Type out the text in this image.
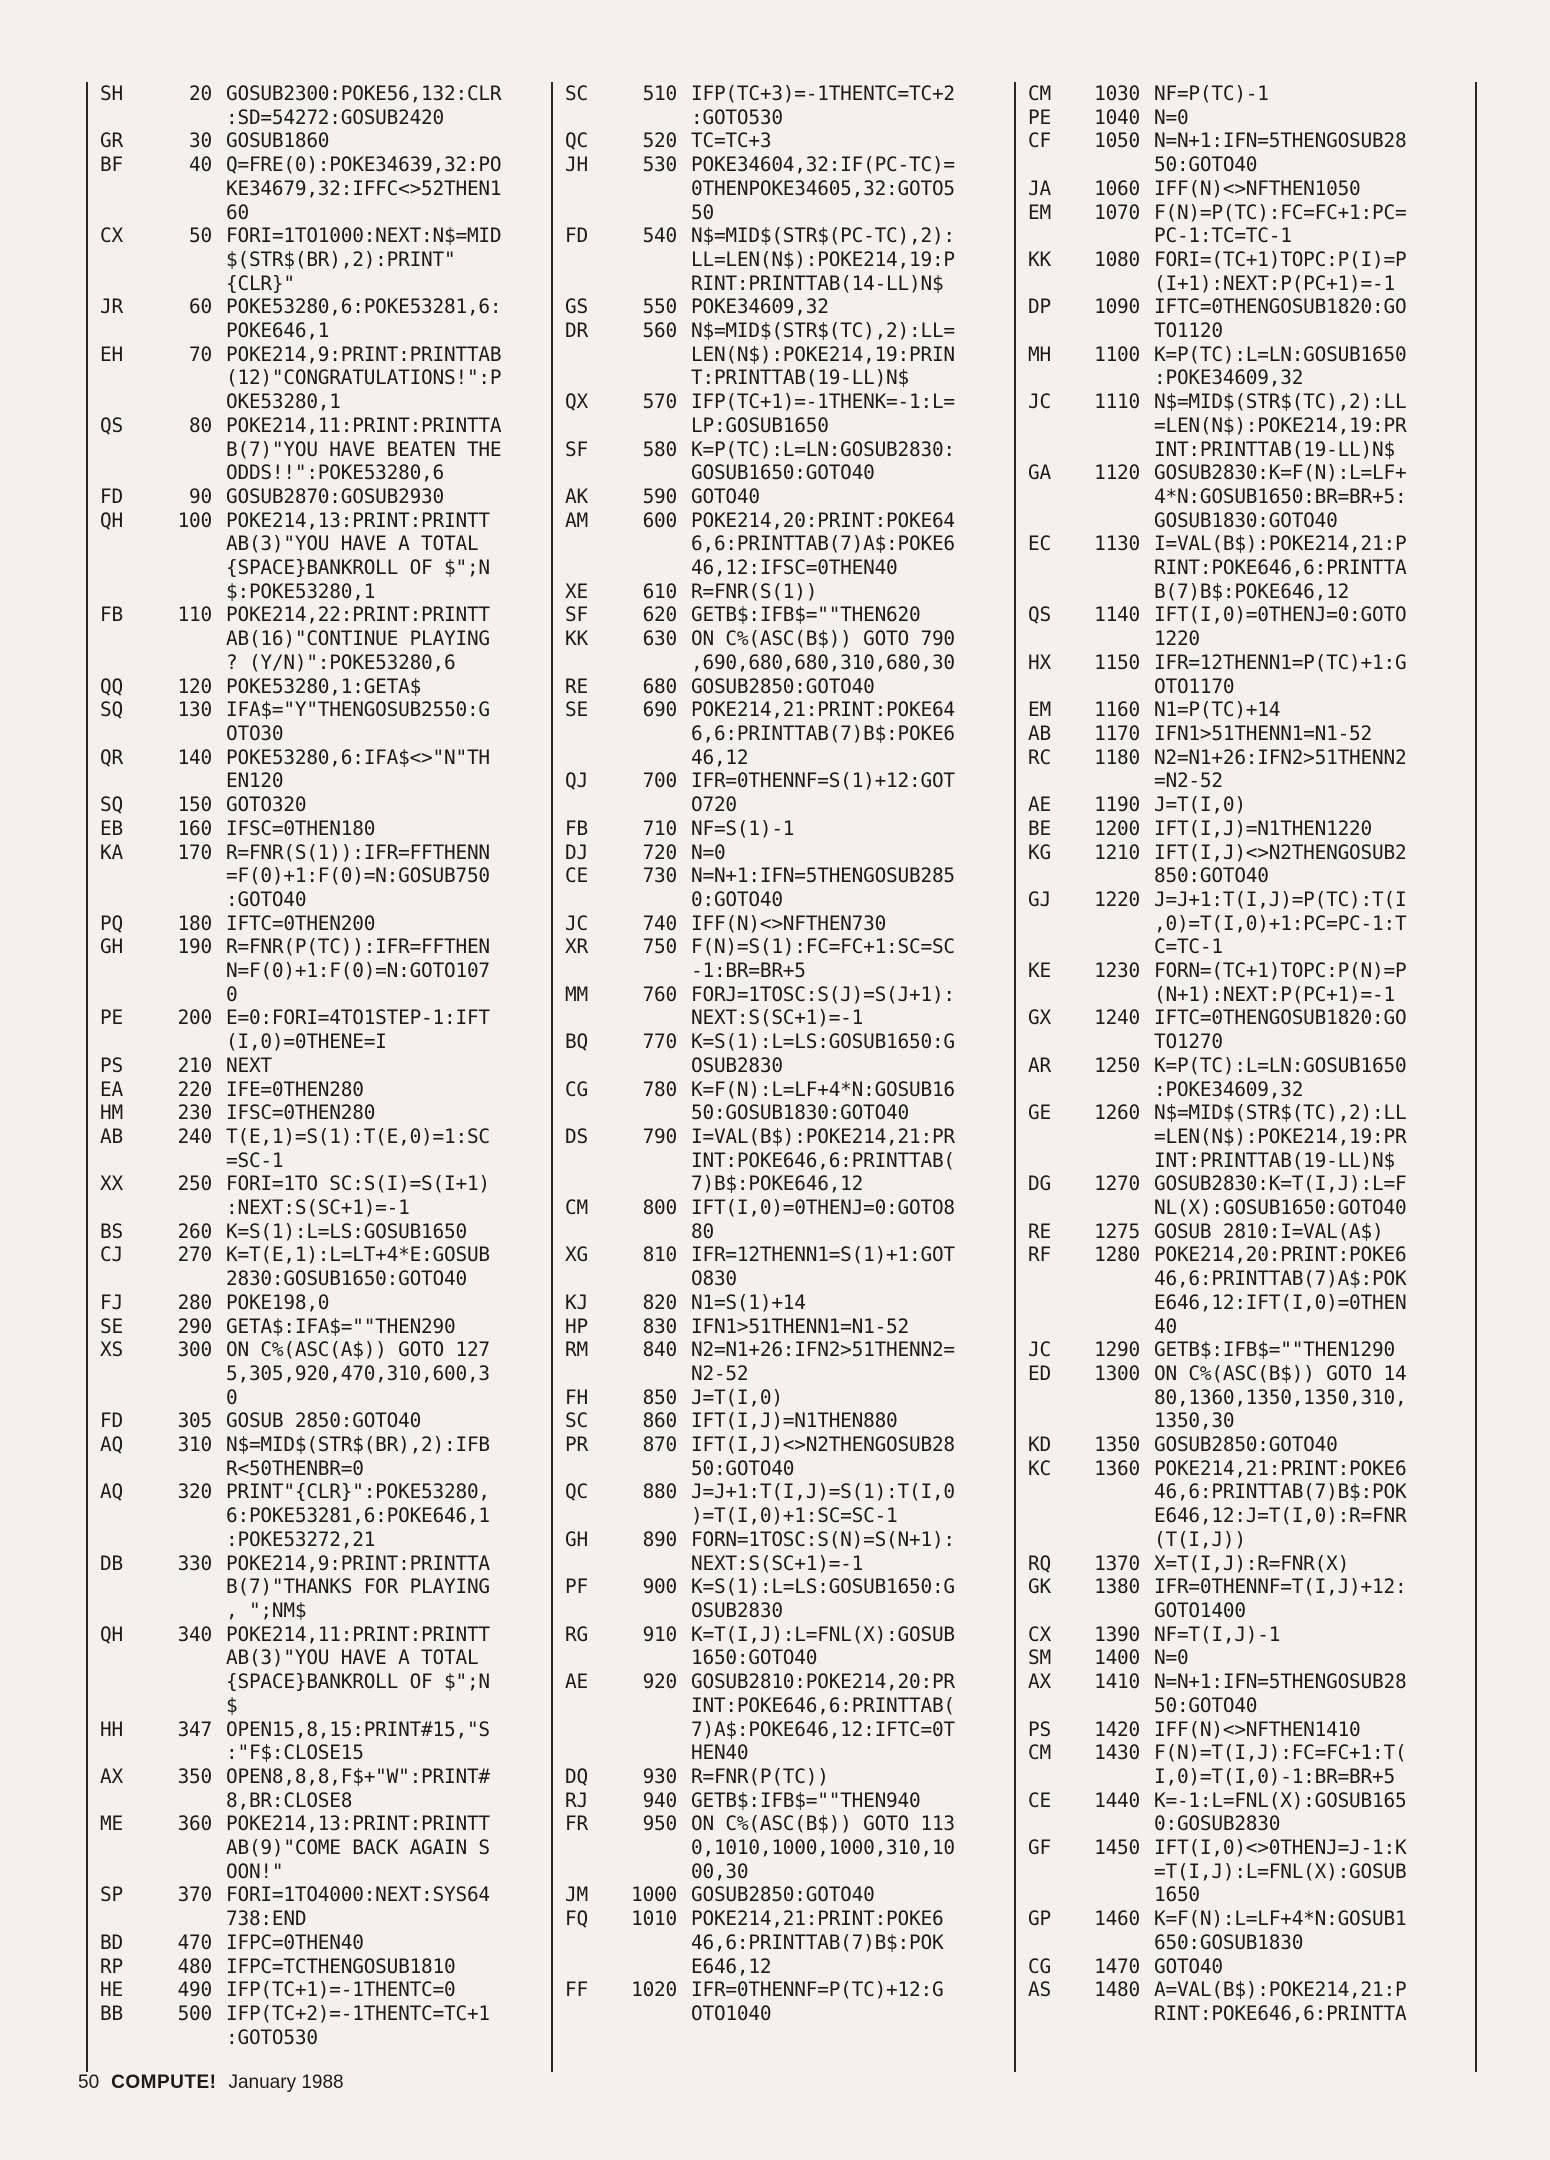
SH	20 GOSUB2300:POKE56,132:CLR
:SD=54272:GOSUB2420
GR	30 GOSUB1860
BF	40 Q=FRE(0):POKE34639,32:PO
KE34679,32:IFFC<>52THEN1
60
CX	50 FORI=1TO1000:NEXT:N$=MID
$(STR$(BR),2):PRINT"
{CLR}"
JR	60 POKE53280,6:POKE53281,6:
POKE646,1
EH	70 POKE214,9:PRINT:PRINTTAB
(12)"CONGRATULATIONS!":P
OKE53280,1
QS	80 POKE214,11:PRINT:PRINTTA
B(7)"YOU HAVE BEATEN THE
ODDS!!":POKE53280,6
FD	90 GOSUB2870:GOSUB2930
QH	100 POKE214,13:PRINT:PRINTT
AB(3)"YOU HAVE A TOTAL
{SPACE}BANKROLL OF $";N
$:POKE53280,1
FB	110 POKE214,22:PRINT:PRINTT
AB(16)"CONTINUE PLAYING
? (Y/N)":POKE53280,6
QQ	120 POKE53280,1:GETA$
SQ	130 IFA$="Y"THENGOSUB2550:G
OTO30
QR	140 POKE53280,6:IFA$<>"N"TH
EN120
SQ	150 GOTO320
EB	160 IFSC=0THEN180
KA	170 R=FNR(S(1)):IFR=FFTHENN
=F(0)+1:F(0)=N:GOSUB750
:GOTO40
PQ	180 IFTC=0THEN200
GH	190 R=FNR(P(TC)):IFR=FFTHEN
N=F(0)+1:F(0)=N:GOTO107
0
PE	200 E=0:FORI=4TO1STEP-1:IFT
(I,0)=0THENE=I
PS	210 NEXT
EA	220 IFE=0THEN280
HM	230 IFSC=0THEN280
AB	240 T(E,1)=S(1):T(E,0)=1:SC
=SC-1
XX	250 FORI=1TO SC:S(I)=S(I+1)
:NEXT:S(SC+1)=-1
BS	260 K=S(1):L=LS:GOSUB1650
CJ	270 K=T(E,1):L=LT+4*E:GOSUB
2830:GOSUB1650:GOTO40
FJ	280 POKE198,0
SE	290 GETA$:IFA$=""THEN290
XS	300 ON C%(ASC(A$)) GOTO 127
5,305,920,470,310,600,3
0
FD	305 GOSUB 2850:GOTO40
AQ	310 N$=MID$(STR$(BR),2):IFB
R<50THENBR=0
AQ	320 PRINT"{CLR}":POKE53280,
6:POKE53281,6:POKE646,1
:POKE53272,21
DB	330 POKE214,9:PRINT:PRINTTA
B(7)"THANKS FOR PLAYING
, ";NM$
QH	340 POKE214,11:PRINT:PRINTT
AB(3)"YOU HAVE A TOTAL
{SPACE}BANKROLL OF $";N
$
HH	347 OPEN15,8,15:PRINT#15,"S
:"F$:CLOSE15
AX	350 OPEN8,8,8,F$+"W":PRINT#
8,BR:CLOSE8
ME	360 POKE214,13:PRINT:PRINTT
AB(9)"COME BACK AGAIN S
OON!"
SP	370 FORI=1TO4000:NEXT:SYS64
738:END
BD	470 IFPC=0THEN40
RP	480 IFPC=TCTHENGOSUB1810
HE	490 IFP(TC+1)=-1THENTC=0
BB	500 IFP(TC+2)=-1THENTC=TC+1
:GOTO530
SC	510 IFP(TC+3)=-1THENTC=TC+2
:GOTO530
QC	520 TC=TC+3
JH	530 POKE34604,32:IF(PC-TC)=
0THENPOKE34605,32:GOTO5
50
FD	540 N$=MID$(STR$(PC-TC),2):
LL=LEN(N$):POKE214,19:P
RINT:PRINTTAB(14-LL)N$
GS	550 POKE34609,32
DR	560 N$=MID$(STR$(TC),2):LL=
LEN(N$):POKE214,19:PRIN
T:PRINTTAB(19-LL)N$
QX	570 IFP(TC+1)=-1THENK=-1:L=
LP:GOSUB1650
SF	580 K=P(TC):L=LN:GOSUB2830:
GOSUB1650:GOTO40
AK	590 GOTO40
AM	600 POKE214,20:PRINT:POKE64
6,6:PRINTTAB(7)A$:POKE6
46,12:IFSC=0THEN40
XE	610 R=FNR(S(1))
SF	620 GETB$:IFB$=""THEN620
KK	630 ON C%(ASC(B$)) GOTO 790
,690,680,680,310,680,30
RE	680 GOSUB2850:GOTO40
SE	690 POKE214,21:PRINT:POKE64
6,6:PRINTTAB(7)B$:POKE6
46,12
QJ	700 IFR=0THENNF=S(1)+12:GOT
O720
FB	710 NF=S(1)-1
DJ	720 N=0
CE	730 N=N+1:IFN=5THENGOSUB285
0:GOTO40
JC	740 IFF(N)<>NFTHEN730
XR	750 F(N)=S(1):FC=FC+1:SC=SC
-1:BR=BR+5
MM	760 FORJ=1TOSC:S(J)=S(J+1):
NEXT:S(SC+1)=-1
BQ	770 K=S(1):L=LS:GOSUB1650:G
OSUB2830
CG	780 K=F(N):L=LF+4*N:GOSUB16
50:GOSUB1830:GOTO40
DS	790 I=VAL(B$):POKE214,21:PR
INT:POKE646,6:PRINTTAB(
7)B$:POKE646,12
CM	800 IFT(I,0)=0THENJ=0:GOTO8
80
XG	810 IFR=12THENN1=S(1)+1:GOT
O830
KJ	820 N1=S(1)+14
HP	830 IFN1>51THENN1=N1-52
RM	840 N2=N1+26:IFN2>51THENN2=
N2-52
FH	850 J=T(I,0)
SC	860 IFT(I,J)=N1THEN880
PR	870 IFT(I,J)<>N2THENGOSUB28
50:GOTO40
QC	880 J=J+1:T(I,J)=S(1):T(I,0
)=T(I,0)+1:SC=SC-1
GH	890 FORN=1TOSC:S(N)=S(N+1):
NEXT:S(SC+1)=-1
PF	900 K=S(1):L=LS:GOSUB1650:G
OSUB2830
RG	910 K=T(I,J):L=FNL(X):GOSUB
1650:GOTO40
AE	920 GOSUB2810:POKE214,20:PR
INT:POKE646,6:PRINTTAB(
7)A$:POKE646,12:IFTC=0T
HEN40
DQ	930 R=FNR(P(TC))
RJ	940 GETB$:IFB$=""THEN940
FR	950 ON C%(ASC(B$)) GOTO 113
0,1010,1000,1000,310,10
00,30
JM	1000 GOSUB2850:GOTO40
FQ	1010 POKE214,21:PRINT:POKE6
46,6:PRINTTAB(7)B$:POK
E646,12
FF	1020 IFR=0THENNF=P(TC)+12:G
OTO1040
CM	1030 NF=P(TC)-1
PE	1040 N=0
CF	1050 N=N+1:IFN=5THENGOSUB28
50:GOTO40
JA	1060 IFF(N)<>NFTHEN1050
EM	1070 F(N)=P(TC):FC=FC+1:PC=
PC-1:TC=TC-1
KK	1080 FORI=(TC+1)TOPC:P(I)=P
(I+1):NEXT:P(PC+1)=-1
DP	1090 IFTC=0THENGOSUB1820:GO
TO1120
MH	1100 K=P(TC):L=LN:GOSUB1650
:POKE34609,32
JC	1110 N$=MID$(STR$(TC),2):LL
=LEN(N$):POKE214,19:PR
INT:PRINTTAB(19-LL)N$
GA	1120 GOSUB2830:K=F(N):L=LF+
4*N:GOSUB1650:BR=BR+5:
GOSUB1830:GOTO40
EC	1130 I=VAL(B$):POKE214,21:P
RINT:POKE646,6:PRINTTA
B(7)B$:POKE646,12
QS	1140 IFT(I,0)=0THENJ=0:GOTO
1220
HX	1150 IFR=12THENN1=P(TC)+1:G
OTO1170
EM	1160 N1=P(TC)+14
AB	1170 IFN1>51THENN1=N1-52
RC	1180 N2=N1+26:IFN2>51THENN2
=N2-52
AE	1190 J=T(I,0)
BE	1200 IFT(I,J)=N1THEN1220
KG	1210 IFT(I,J)<>N2THENGOSUB2
850:GOTO40
GJ	1220 J=J+1:T(I,J)=P(TC):T(I
,0)=T(I,0)+1:PC=PC-1:T
C=TC-1
KE	1230 FORN=(TC+1)TOPC:P(N)=P
(N+1):NEXT:P(PC+1)=-1
GX	1240 IFTC=0THENGOSUB1820:GO
TO1270
AR	1250 K=P(TC):L=LN:GOSUB1650
:POKE34609,32
GE	1260 N$=MID$(STR$(TC),2):LL
=LEN(N$):POKE214,19:PR
INT:PRINTTAB(19-LL)N$
DG	1270 GOSUB2830:K=T(I,J):L=F
NL(X):GOSUB1650:GOTO40
RE	1275 GOSUB 2810:I=VAL(A$)
RF	1280 POKE214,20:PRINT:POKE6
46,6:PRINTTAB(7)A$:POK
E646,12:IFT(I,0)=0THEN
40
JC	1290 GETB$:IFB$=""THEN1290
ED	1300 ON C%(ASC(B$)) GOTO 14
80,1360,1350,1350,310,
1350,30
KD	1350 GOSUB2850:GOTO40
KC	1360 POKE214,21:PRINT:POKE6
46,6:PRINTTAB(7)B$:POK
E646,12:J=T(I,0):R=FNR
(T(I,J))
RQ	1370 X=T(I,J):R=FNR(X)
GK	1380 IFR=0THENNF=T(I,J)+12:
GOTO1400
CX	1390 NF=T(I,J)-1
SM	1400 N=0
AX	1410 N=N+1:IFN=5THENGOSUB28
50:GOTO40
PS	1420 IFF(N)<>NFTHEN1410
CM	1430 F(N)=T(I,J):FC=FC+1:T(
I,0)=T(I,0)-1:BR=BR+5
CE	1440 K=-1:L=FNL(X):GOSUB165
0:GOSUB2830
GF	1450 IFT(I,0)<>0THENJ=J-1:K
=T(I,J):L=FNL(X):GOSUB
1650
GP	1460 K=F(N):L=LF+4*N:GOSUB1
650:GOSUB1830
CG	1470 GOTO40
AS	1480 A=VAL(B$):POKE214,21:P
RINT:POKE646,6:PRINTTA
50 COMPUTE! January 1988
